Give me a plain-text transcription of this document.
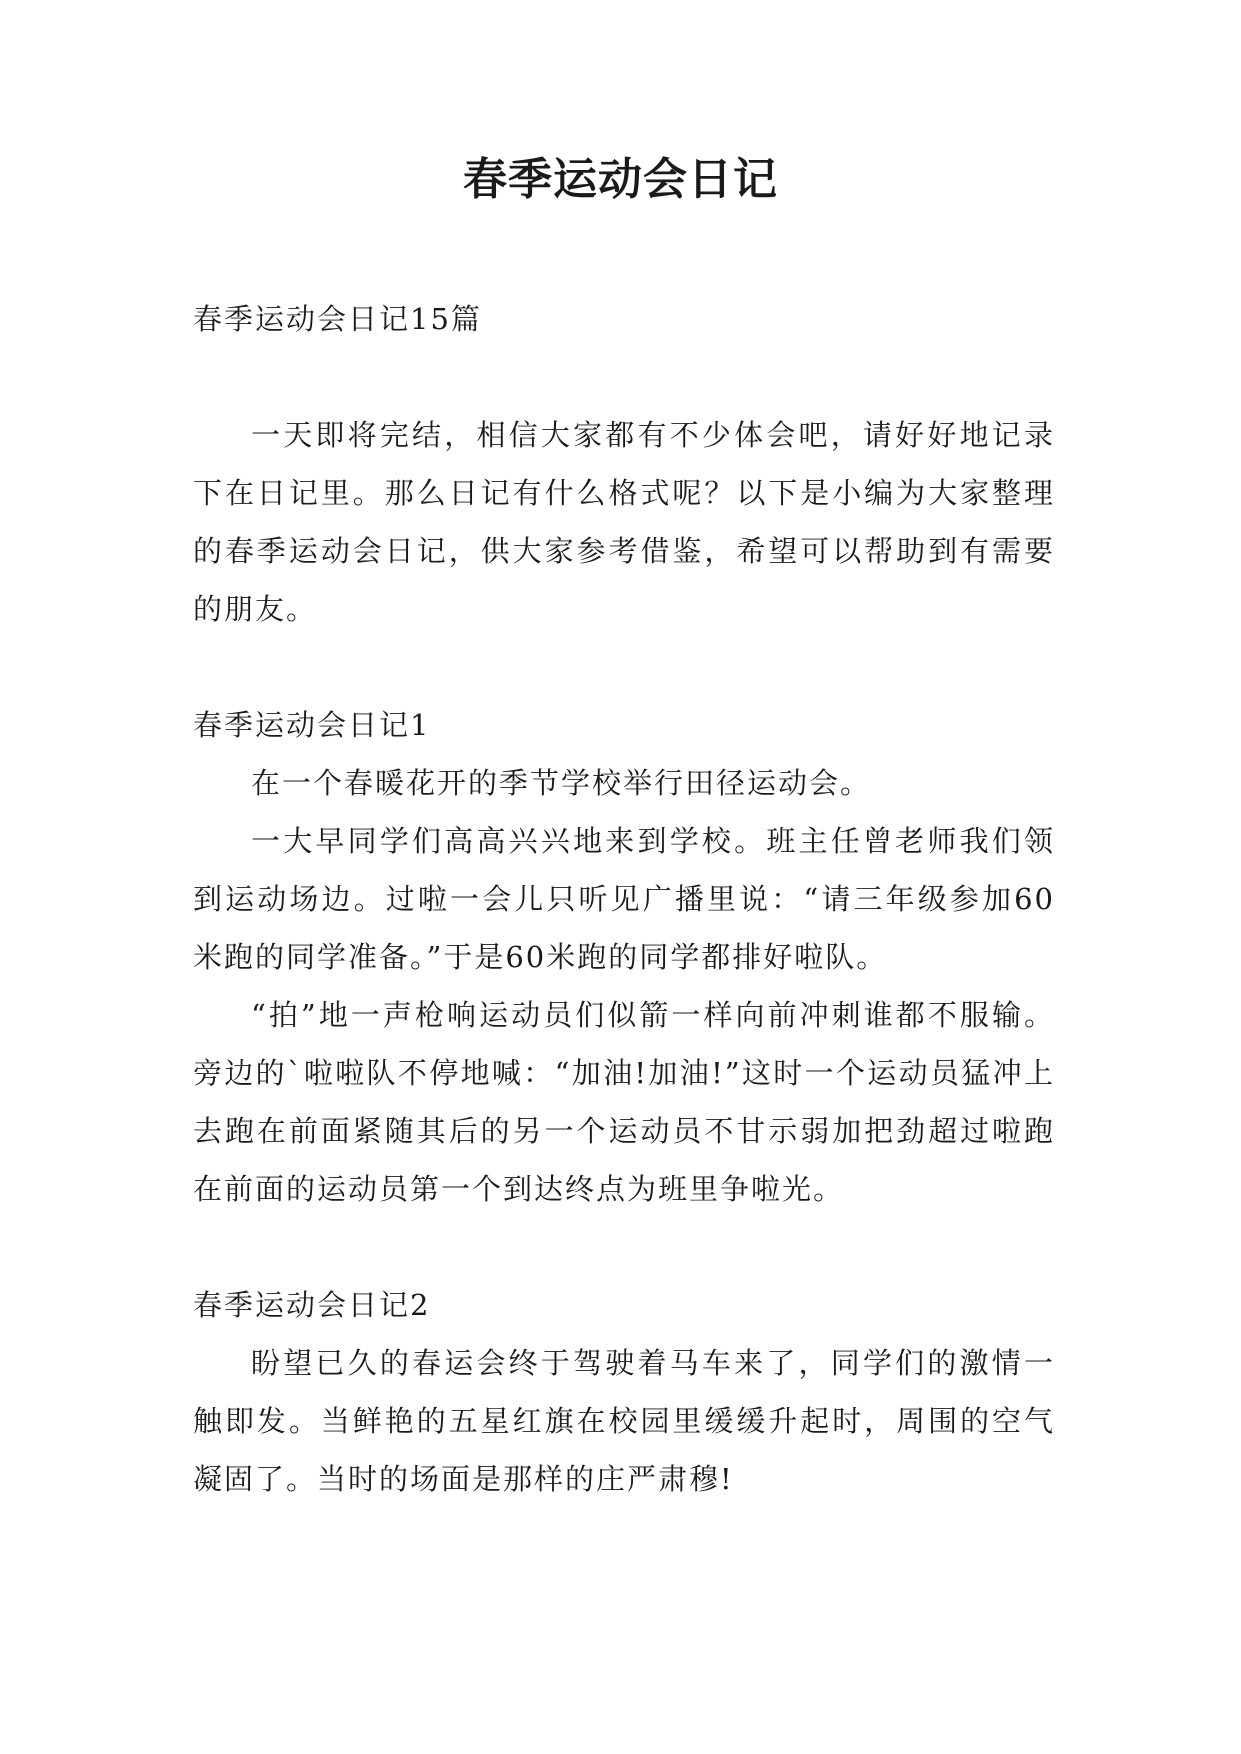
春季运动会日记
春季运动会日记15篇

一天即将完结，相信大家都有不少体会吧，请好好地记录下在日记里。那么日记有什么格式呢？以下是小编为大家整理的春季运动会日记，供大家参考借鉴，希望可以帮助到有需要的朋友。

春季运动会日记1

在一个春暖花开的季节学校举行田径运动会。

一大早同学们高高兴兴地来到学校。班主任曾老师我们领到运动场边。过啦一会儿只听见广播里说：“请三年级参加60米跑的同学准备。”于是60米跑的同学都排好啦队。

“拍”地一声枪响运动员们似箭一样向前冲刺谁都不服输。旁边的`啦啦队不停地喊：“加油!加油!”这时一个运动员猛冲上去跑在前面紧随其后的另一个运动员不甘示弱加把劲超过啦跑在前面的运动员第一个到达终点为班里争啦光。

春季运动会日记2

盼望已久的春运会终于驾驶着马车来了，同学们的激情一触即发。当鲜艳的五星红旗在校园里缓缓升起时，周围的空气凝固了。当时的场面是那样的庄严肃穆!
